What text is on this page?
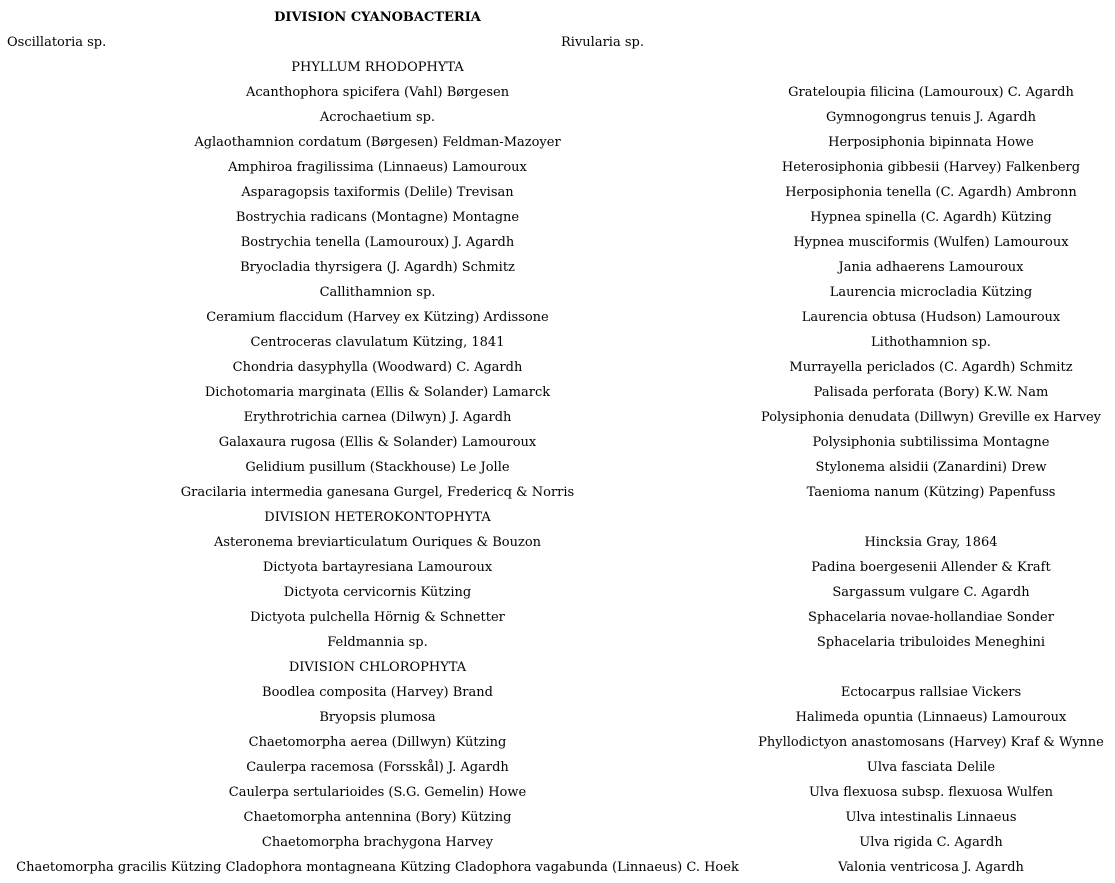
DIVISION CYANOBACTERIA
Oscillatoria sp.	Rivularia sp.
PHYLLUM RHODOPHYTA
Acanthophora spicifera (Vahl) Børgesen	Grateloupia filicina (Lamouroux) C. Agardh
Acrochaetium sp.	Gymnogongrus tenuis J. Agardh
Aglaothamnion cordatum (Børgesen) Feldman-Mazoyer	Herposiphonia bipinnata Howe
Amphiroa fragilissima (Linnaeus) Lamouroux	Heterosiphonia gibbesii (Harvey) Falkenberg
Asparagopsis taxiformis (Delile) Trevisan	Herposiphonia tenella (C. Agardh) Ambronn
Bostrychia radicans (Montagne) Montagne	Hypnea spinella (C. Agardh) Kützing
Bostrychia tenella (Lamouroux) J. Agardh	Hypnea musciformis (Wulfen) Lamouroux
Bryocladia thyrsigera (J. Agardh) Schmitz	Jania adhaerens Lamouroux
Callithamnion sp.	Laurencia microcladia Kützing
Ceramium flaccidum (Harvey ex Kützing) Ardissone	Laurencia obtusa (Hudson) Lamouroux
Centroceras clavulatum Kützing, 1841	Lithothamnion sp.
Chondria dasyphylla (Woodward) C. Agardh	Murrayella periclados (C. Agardh) Schmitz
Dichotomaria marginata (Ellis & Solander) Lamarck	Palisada perforata (Bory) K.W. Nam
Erythrotrichia carnea (Dilwyn) J. Agardh	Polysiphonia denudata (Dillwyn) Greville ex Harvey
Galaxaura rugosa (Ellis & Solander) Lamouroux	Polysiphonia subtilissima Montagne
Gelidium pusillum (Stackhouse) Le Jolle	Stylonema alsidii (Zanardini) Drew
Gracilaria intermedia ganesana Gurgel, Fredericq & Norris	Taenioma nanum (Kützing) Papenfuss
DIVISION HETEROKONTOPHYTA
Asteronema breviarticulatum Ouriques & Bouzon	Hincksia Gray, 1864
Dictyota bartayresiana Lamouroux	Padina boergesenii Allender & Kraft
Dictyota cervicornis Kützing	Sargassum vulgare C. Agardh
Dictyota pulchella Hörnig & Schnetter	Sphacelaria novae-hollandiae Sonder
Feldmannia sp.	Sphacelaria tribuloides Meneghini
DIVISION CHLOROPHYTA
Boodlea composita (Harvey) Brand	Ectocarpus rallsiae Vickers
Bryopsis plumosa	Halimeda opuntia (Linnaeus) Lamouroux
Chaetomorpha aerea (Dillwyn) Kützing	Phyllodictyon anastomosans (Harvey) Kraf & Wynne
Caulerpa racemosa (Forsskål) J. Agardh	Ulva fasciata Delile
Caulerpa sertularioides (S.G. Gemelin) Howe	Ulva flexuosa subsp. flexuosa Wulfen
Chaetomorpha antennina (Bory) Kützing	Ulva intestinalis Linnaeus
Chaetomorpha brachygona Harvey	Ulva rigida C. Agardh
Chaetomorpha gracilis Kützing Cladophora montagneana Kützing Cladophora vagabunda (Linnaeus) C. Hoek	Valonia ventricosa J. Agardh
